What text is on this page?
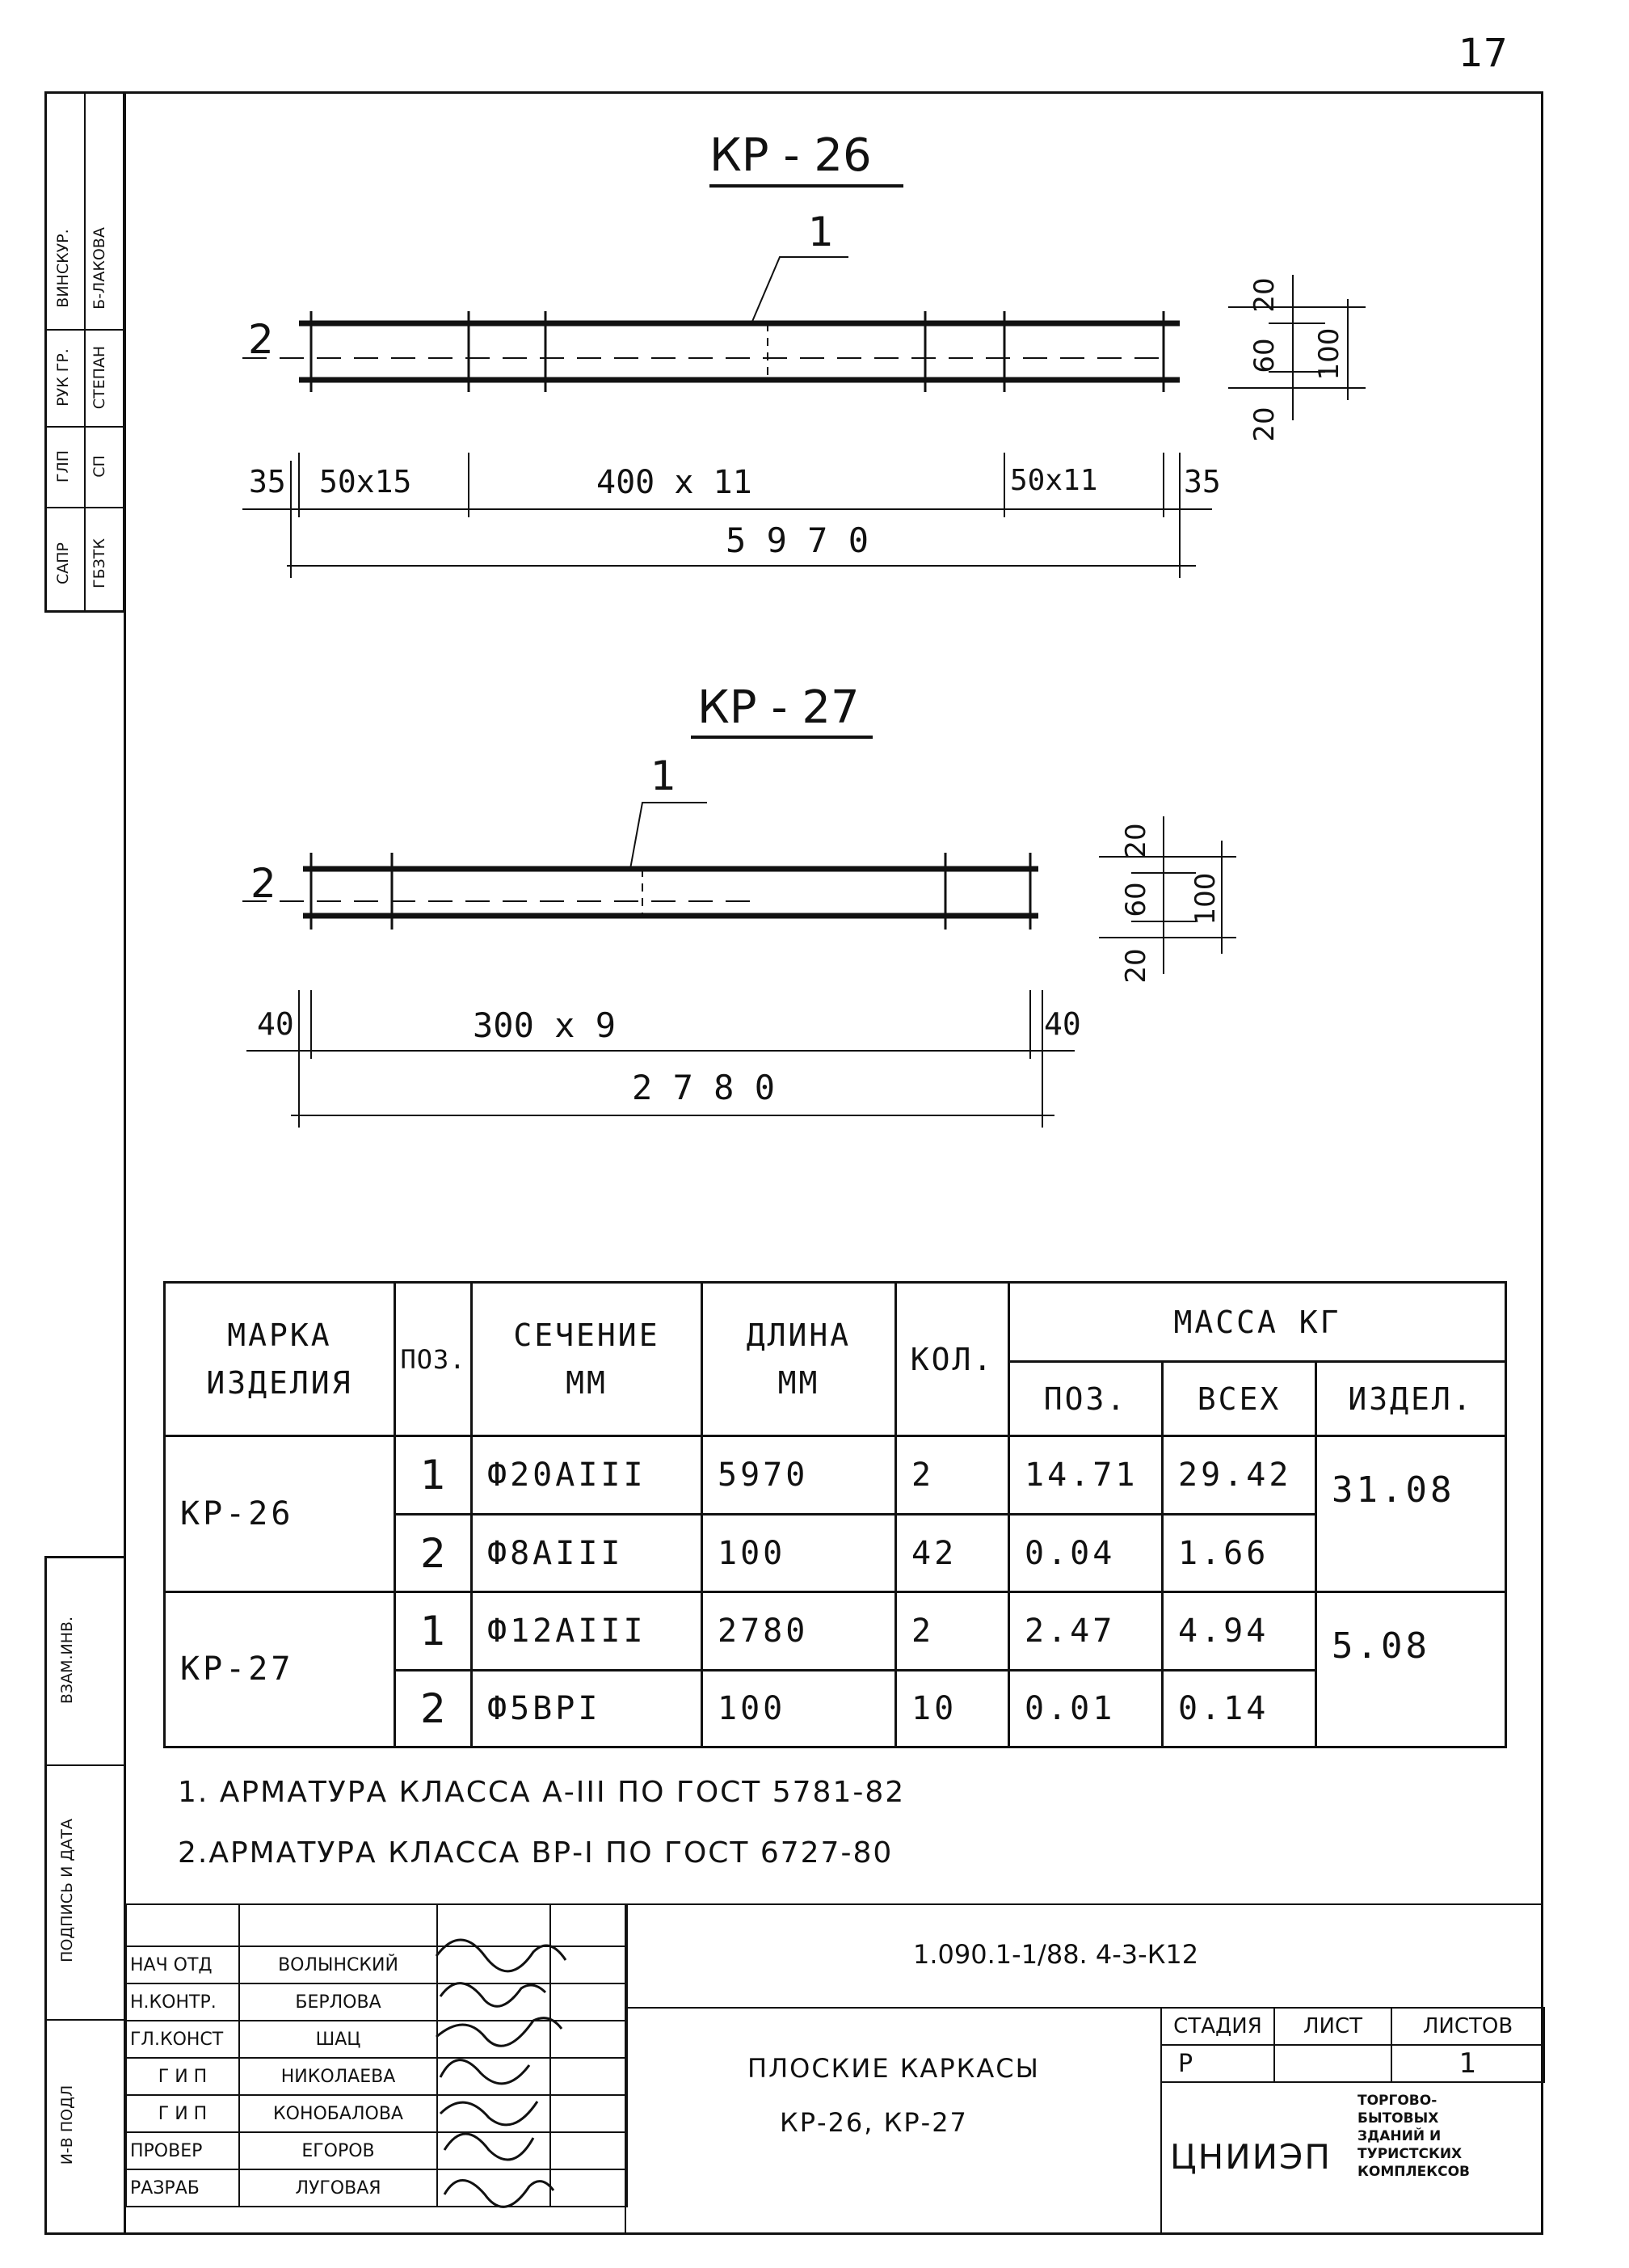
17
ВИНСКУР. Б-ЛАКОВА
РУК ГР. СТЕПАН
ГЛП СП
САПР ГБЗТК
ВЗАМ.ИНВ.
ПОДПИСЬ И ДАТА
И-В ПОДЛ
КР - 26
1
2
35 50x15	400 x 11	50x11	35
5 9 7 0
20
60
20
100
КР - 27
1
2
40	300 x 9	40
2 7 8 0
20
60
20
100
МАРКА ИЗДЕЛИЯ	ПОЗ.	СЕЧЕНИЕ ММ	ДЛИНА ММ	КОЛ.	МАССА КГ		
					ПОЗ.	ВСЕХ	ИЗДЕЛ.
КР-26	1	Ф20АIII	5970	2	14.71	29.42	31.08
	2	Ф8АIII	100	42	0.04	1.66	
КР-27	1	Ф12АIII	2780	2	2.47	4.94	5.08
	2	Ф5ВРI	100	10	0.01	0.14	
1. АРМАТУРА КЛАССА А-III ПО ГОСТ 5781-82
2.АРМАТУРА КЛАССА ВР-I ПО ГОСТ 6727-80

НАЧ ОТД	ВОЛЫНСКИЙ		
Н.КОНТР.	БЕРЛОВА		
ГЛ.КОНСТ	ШАЦ		
Г И П	НИКОЛАЕВА		
Г И П	КОНОБАЛОВА		
ПРОВЕР	ЕГОРОВ		
РАЗРАБ	ЛУГОВАЯ		
1.090.1-1/88. 4-3-К12
ПЛОСКИЕ КАРКАСЫ
КР-26, КР-27
СТАДИЯ	ЛИСТ	ЛИСТОВ
Р		1
ЦНИИЭП
ТОРГОВО-БЫТОВЫХ ЗДАНИЙ И ТУРИСТСКИХ КОМПЛЕКСОВ
